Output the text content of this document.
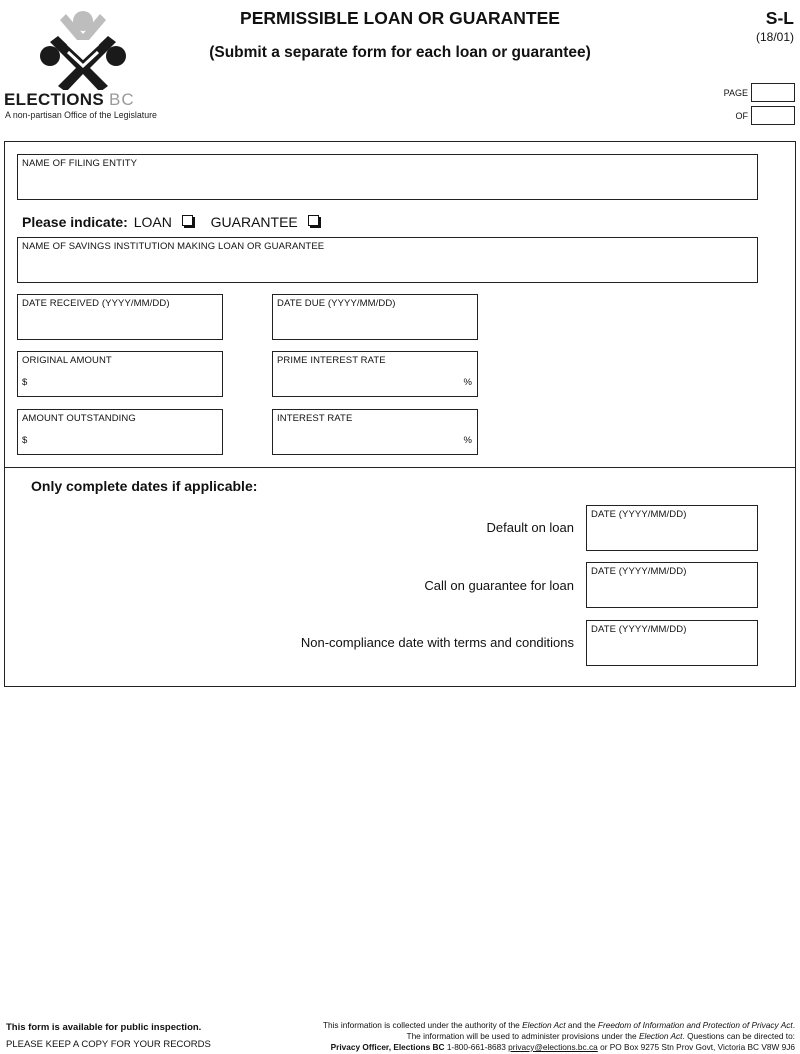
ELECTIONS BC
A non-partisan Office of the Legislature
PERMISSIBLE LOAN OR GUARANTEE
(Submit a separate form for each loan or guarantee)
S-L
(18/01)
PAGE
OF
NAME OF FILING ENTITY
Please indicate: LOAN	GUARANTEE
NAME OF SAVINGS INSTITUTION MAKING LOAN OR GUARANTEE
DATE RECEIVED (YYYY/MM/DD)	DATE DUE (YYYY/MM/DD)
ORIGINAL AMOUNT
$
PRIME INTEREST RATE
%
AMOUNT OUTSTANDING
$
INTEREST RATE
%
Only complete dates if applicable:
Default on loan
DATE (YYYY/MM/DD)
Call on guarantee for loan
DATE (YYYY/MM/DD)
Non-compliance date with terms and conditions
DATE (YYYY/MM/DD)
This form is available for public inspection.
PLEASE KEEP A COPY FOR YOUR RECORDS
This information is collected under the authority of the Election Act and the Freedom of Information and Protection of Privacy Act.
The information will be used to administer provisions under the Election Act. Questions can be directed to:
Privacy Officer, Elections BC 1-800-661-8683 privacy@elections.bc.ca or PO Box 9275 Stn Prov Govt, Victoria BC V8W 9J6
